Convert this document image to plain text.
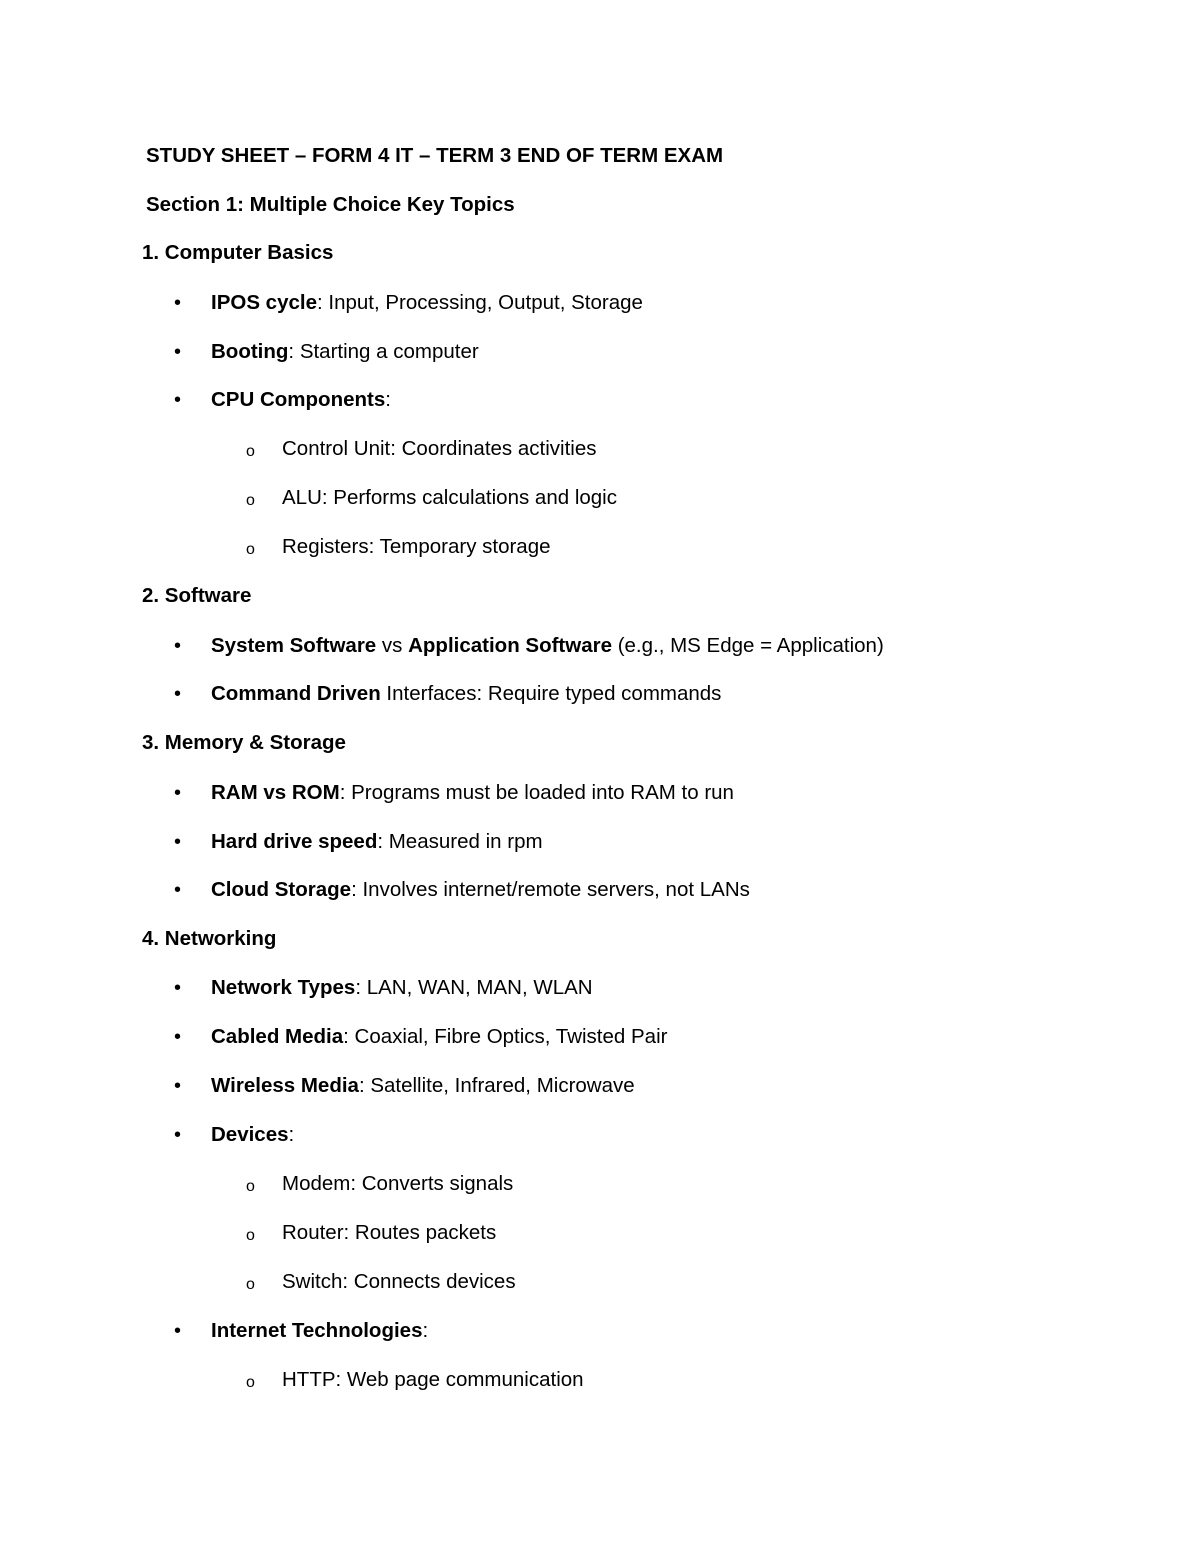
STUDY SHEET – FORM 4 IT – TERM 3 END OF TERM EXAM
Section 1: Multiple Choice Key Topics
1. Computer Basics
• IPOS cycle: Input, Processing, Output, Storage
• Booting: Starting a computer
• CPU Components:
o Control Unit: Coordinates activities
o ALU: Performs calculations and logic
o Registers: Temporary storage
2. Software
• System Software vs Application Software (e.g., MS Edge = Application)
• Command Driven Interfaces: Require typed commands
3. Memory & Storage
• RAM vs ROM: Programs must be loaded into RAM to run
• Hard drive speed: Measured in rpm
• Cloud Storage: Involves internet/remote servers, not LANs
4. Networking
• Network Types: LAN, WAN, MAN, WLAN
• Cabled Media: Coaxial, Fibre Optics, Twisted Pair
• Wireless Media: Satellite, Infrared, Microwave
• Devices:
o Modem: Converts signals
o Router: Routes packets
o Switch: Connects devices
• Internet Technologies:
o HTTP: Web page communication
